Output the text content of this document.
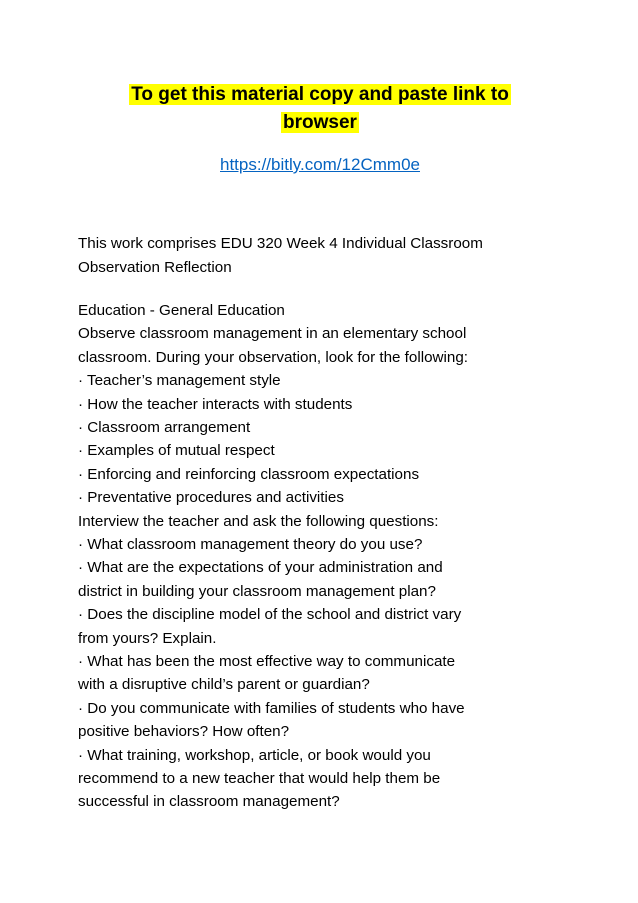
To get this material copy and paste link to
browser
https://bitly.com/12Cmm0e
This work comprises EDU 320 Week 4 Individual Classroom
Observation Reflection
Education - General Education
Observe classroom management in an elementary school
classroom. During your observation, look for the following:
· Teacher’s management style
· How the teacher interacts with students
· Classroom arrangement
· Examples of mutual respect
· Enforcing and reinforcing classroom expectations
· Preventative procedures and activities
Interview the teacher and ask the following questions:
· What classroom management theory do you use?
· What are the expectations of your administration and
district in building your classroom management plan?
· Does the discipline model of the school and district vary
from yours? Explain.
· What has been the most effective way to communicate
with a disruptive child’s parent or guardian?
· Do you communicate with families of students who have
positive behaviors? How often?
· What training, workshop, article, or book would you
recommend to a new teacher that would help them be
successful in classroom management?
